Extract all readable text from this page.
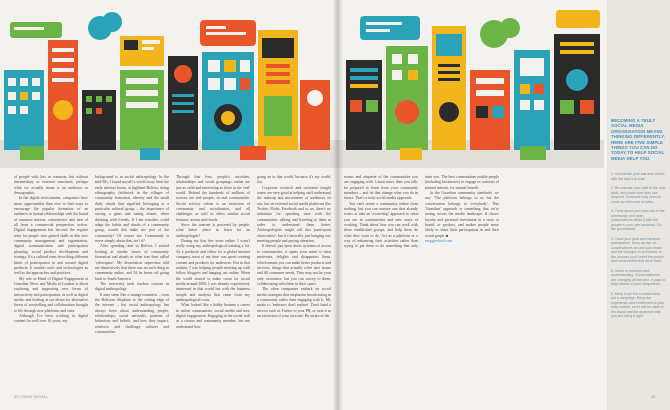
of people with lots in common, but without intermediary or external structures, perhaps what we actually mean is an audience or demographic.

In the digital environment, companies have more opportunities than ever to find ways to encourage the popular formation of an audience in formal relationships with the brand of common interest, convenience and, best of all from a commercial perspective, action. Digital engagement has become the regular term for people who gained skills in this new community management and organisation, digital communication and participation planning, social product development and strategy. It's a cultural term describing different kinds of participation in and around digital products. It touches tools and technologies as well as the approaches and practices.

My role as Head of Digital Engagement at Guardian News and Media in London is about exploring and supporting new forms of interactivity and participation, as well as digital media, and looking at our desire for alternative forms of storytelling and collaboration brought to life through new platforms and sites.

Although I've been working in digital content for well over 16 years, my

background is in social anthropology. In the mid-90s, I found myself a world away from the early internet boom, at highland Bolivia, doing ethnographic fieldwork in the villages of community formation, identity and the small daily rituals that signified belonging to a particular cultural group – the importance of raising a glass and eating dinner, when drinking with friends. If I am consider, could adapt the habits and rituals of a community group, would that make me part of the community? Of course not. Community is never simply about that, isn't it?

After spending time in Bolivia, I started looking at similar issues of community formation and rituals in what was then called 'cyberspace'. My dissertation supervisor told me dismissively that there was no such thing as community online, and I'd be better off going back to South America.

The university took teaches courses in digital anthropology.

It may seem like a strange transition – from the Bolivian Altiplano to the cutting edge of the internet – but social anthropology has always been about understanding people, relationships, social networks, patterns of behaviour and beliefs, and how they impact, reinforce and challenge cultures and communities.

Through that lens, people's activities, relationships and social groupings online are just as valid and interesting as those in the 'real' world. Behind the hundreds of millions of screens are real people, in real communities. Social activity online is an extension of community and socialisation, and all challenges as well as offers similar social features, norms and rituals.

Since the internet is powered by people, what better place to learn for an anthropologist?

During my first few years online, I wasn't really using my anthropological training a lot. As a producer and editor for a global internet company, most of my time was spent creating content and products for audiences. But in that routine, I was helping people meeting up with fellow bloggers and hanging out online. When the world started to make room for social media around 2005, I was already experienced, immersed in that world but with the business insight and analysis that came from my anthropological roots.

What looked like a hobby became a career in online communities, social media and now digital engagement. Engaging in the social web as a creator and community member, lets me understand how

going on in that world, because it's my world, too.

Corporate research and customer insight teams are very good at helping staff understand the makeup and movements of audiences on site, but on external social media platforms like Twitter, Flickr, Facebook and so on, there's no substitute for spending time with the communities, talking and listening to them in order to understand them better. Anthropologists might call this 'participant observation', but it's basically just hanging out, meeting people and paying attention.

It doesn't just open doors in terms of access to communities, it opens your mind to what motivates, delights and disappoints them, which means you can make better products and services, things that actually solve user issues and fill consumer needs. They may not be your only customers, but you can survey to them, collaborating with them in their space.

The often companies embark on social media strategies that emphasise broadcasting in a community rather than engaging with it. My motto is: 'embrace, don't replace'. Don't hand a service such as Twitter to your PR, or treat it as an extension of your own site. Be aware of the

norms and etiquette of the communities you are engaging with. Listen more than you talk, be prepared to learn from your community members – and let that change what you do in future. That's a truly social media approach.

You can't create a community online from nothing, but you can nurture one that already exists or take an 'ownership' approach to what you see in communities and new ways of working. Think about how you can work with these established groups, and help them do what they want to do. Act as a platform or a way of enhancing their activities rather than trying to get them to do something that only suits you. The best communities enable people (including businesses) to engage in contexts of mutual interest, for mutual benefit.

In the Guardian community standards, we say: 'The platform belongs to us but the conversation belongs to everybody'. This 'Guardian' approach is something that we're seeing across the media landscape. It shows loyalty and personal investment in a story or brand, or product, and makes people more likely to share their participation in and their social graph. ■

meggiesford.com

BECOMING A TRULY SOCIAL MEDIA ORGANISATION MEANS THINKING DIFFERENTLY. HERE ARE FIVE SIMPLE THINGS YOU CAN DO TODAY TO HELP SOCIAL MEDIA HELP YOU.
1. Coordinate your ads and stories with the way it is read.
2. Re-educate your staff in the new tools, and make sure they can respond. Someone may need to come up with a set of rules.
3. Think about your own role in the community and open conversations about it with the people in your own business. Do the groundwork.
4. Track your goal and measure participation. Keep an eye on conversations around your brand and the changes in sentiment. In the process you'll meet the people and communities that drive them.
5. Invest in research and understanding. Social platforms are changing all the time. It pays to keep ahead of your competitors.
6. Keep it up! It is a relationship, not a campaign. Bring the experience and excitement to your daily routine, and it will be clear to the brand and the audience that you are doing it right.
32 | FAIRS DIGITAL	33
